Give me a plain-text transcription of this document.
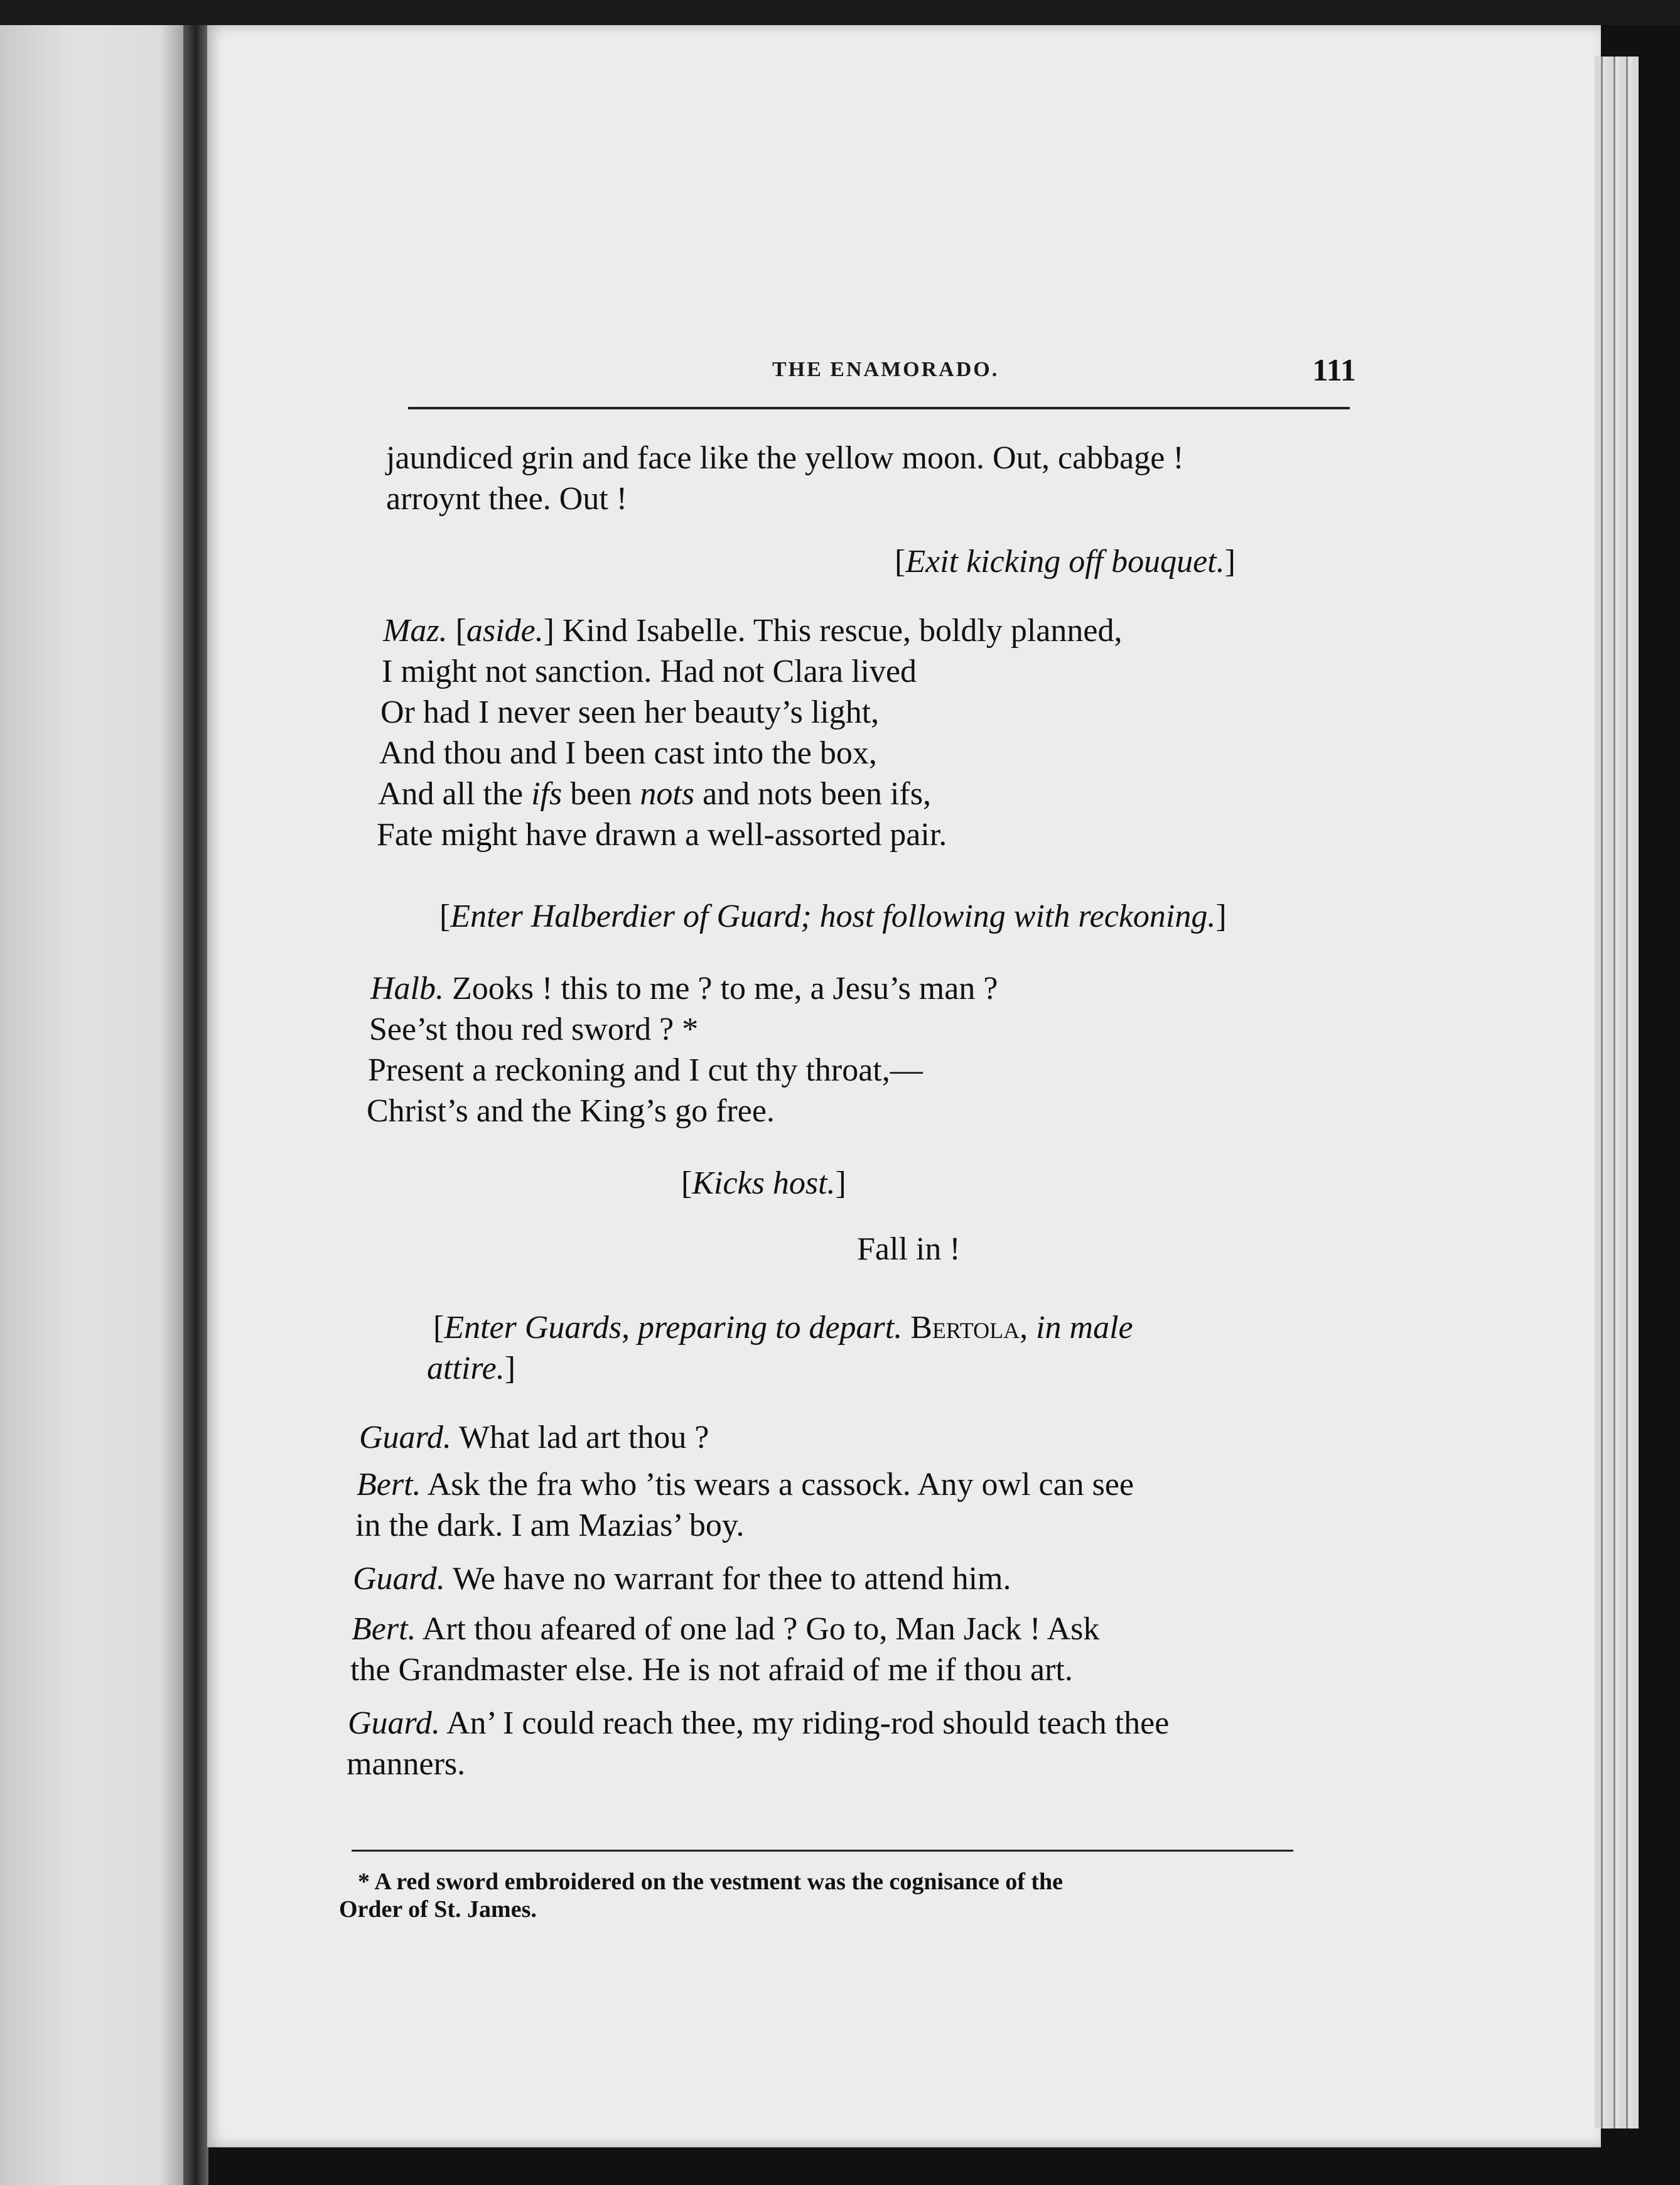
THE ENAMORADO.	111
jaundiced grin and face like the yellow moon. Out, cabbage !
arroynt thee. Out !
[Exit kicking off bouquet.]
Maz. [aside.] Kind Isabelle. This rescue, boldly planned,
I might not sanction. Had not Clara lived
Or had I never seen her beauty’s light,
And thou and I been cast into the box,
And all the ifs been nots and nots been ifs,
Fate might have drawn a well-assorted pair.
[Enter Halberdier of Guard; host following with reckoning.]
Halb. Zooks ! this to me ? to me, a Jesu’s man ?
See’st thou red sword ? *
Present a reckoning and I cut thy throat,—
Christ’s and the King’s go free.
[Kicks host.]
Fall in !
[Enter Guards, preparing to depart. Bertola, in male
attire.]
Guard. What lad art thou ?
Bert. Ask the fra who ’tis wears a cassock. Any owl can see
in the dark. I am Mazias’ boy.
Guard. We have no warrant for thee to attend him.
Bert. Art thou afeared of one lad ? Go to, Man Jack ! Ask
the Grandmaster else. He is not afraid of me if thou art.
Guard. An’ I could reach thee, my riding-rod should teach thee
manners.
* A red sword embroidered on the vestment was the cognisance of the
Order of St. James.
